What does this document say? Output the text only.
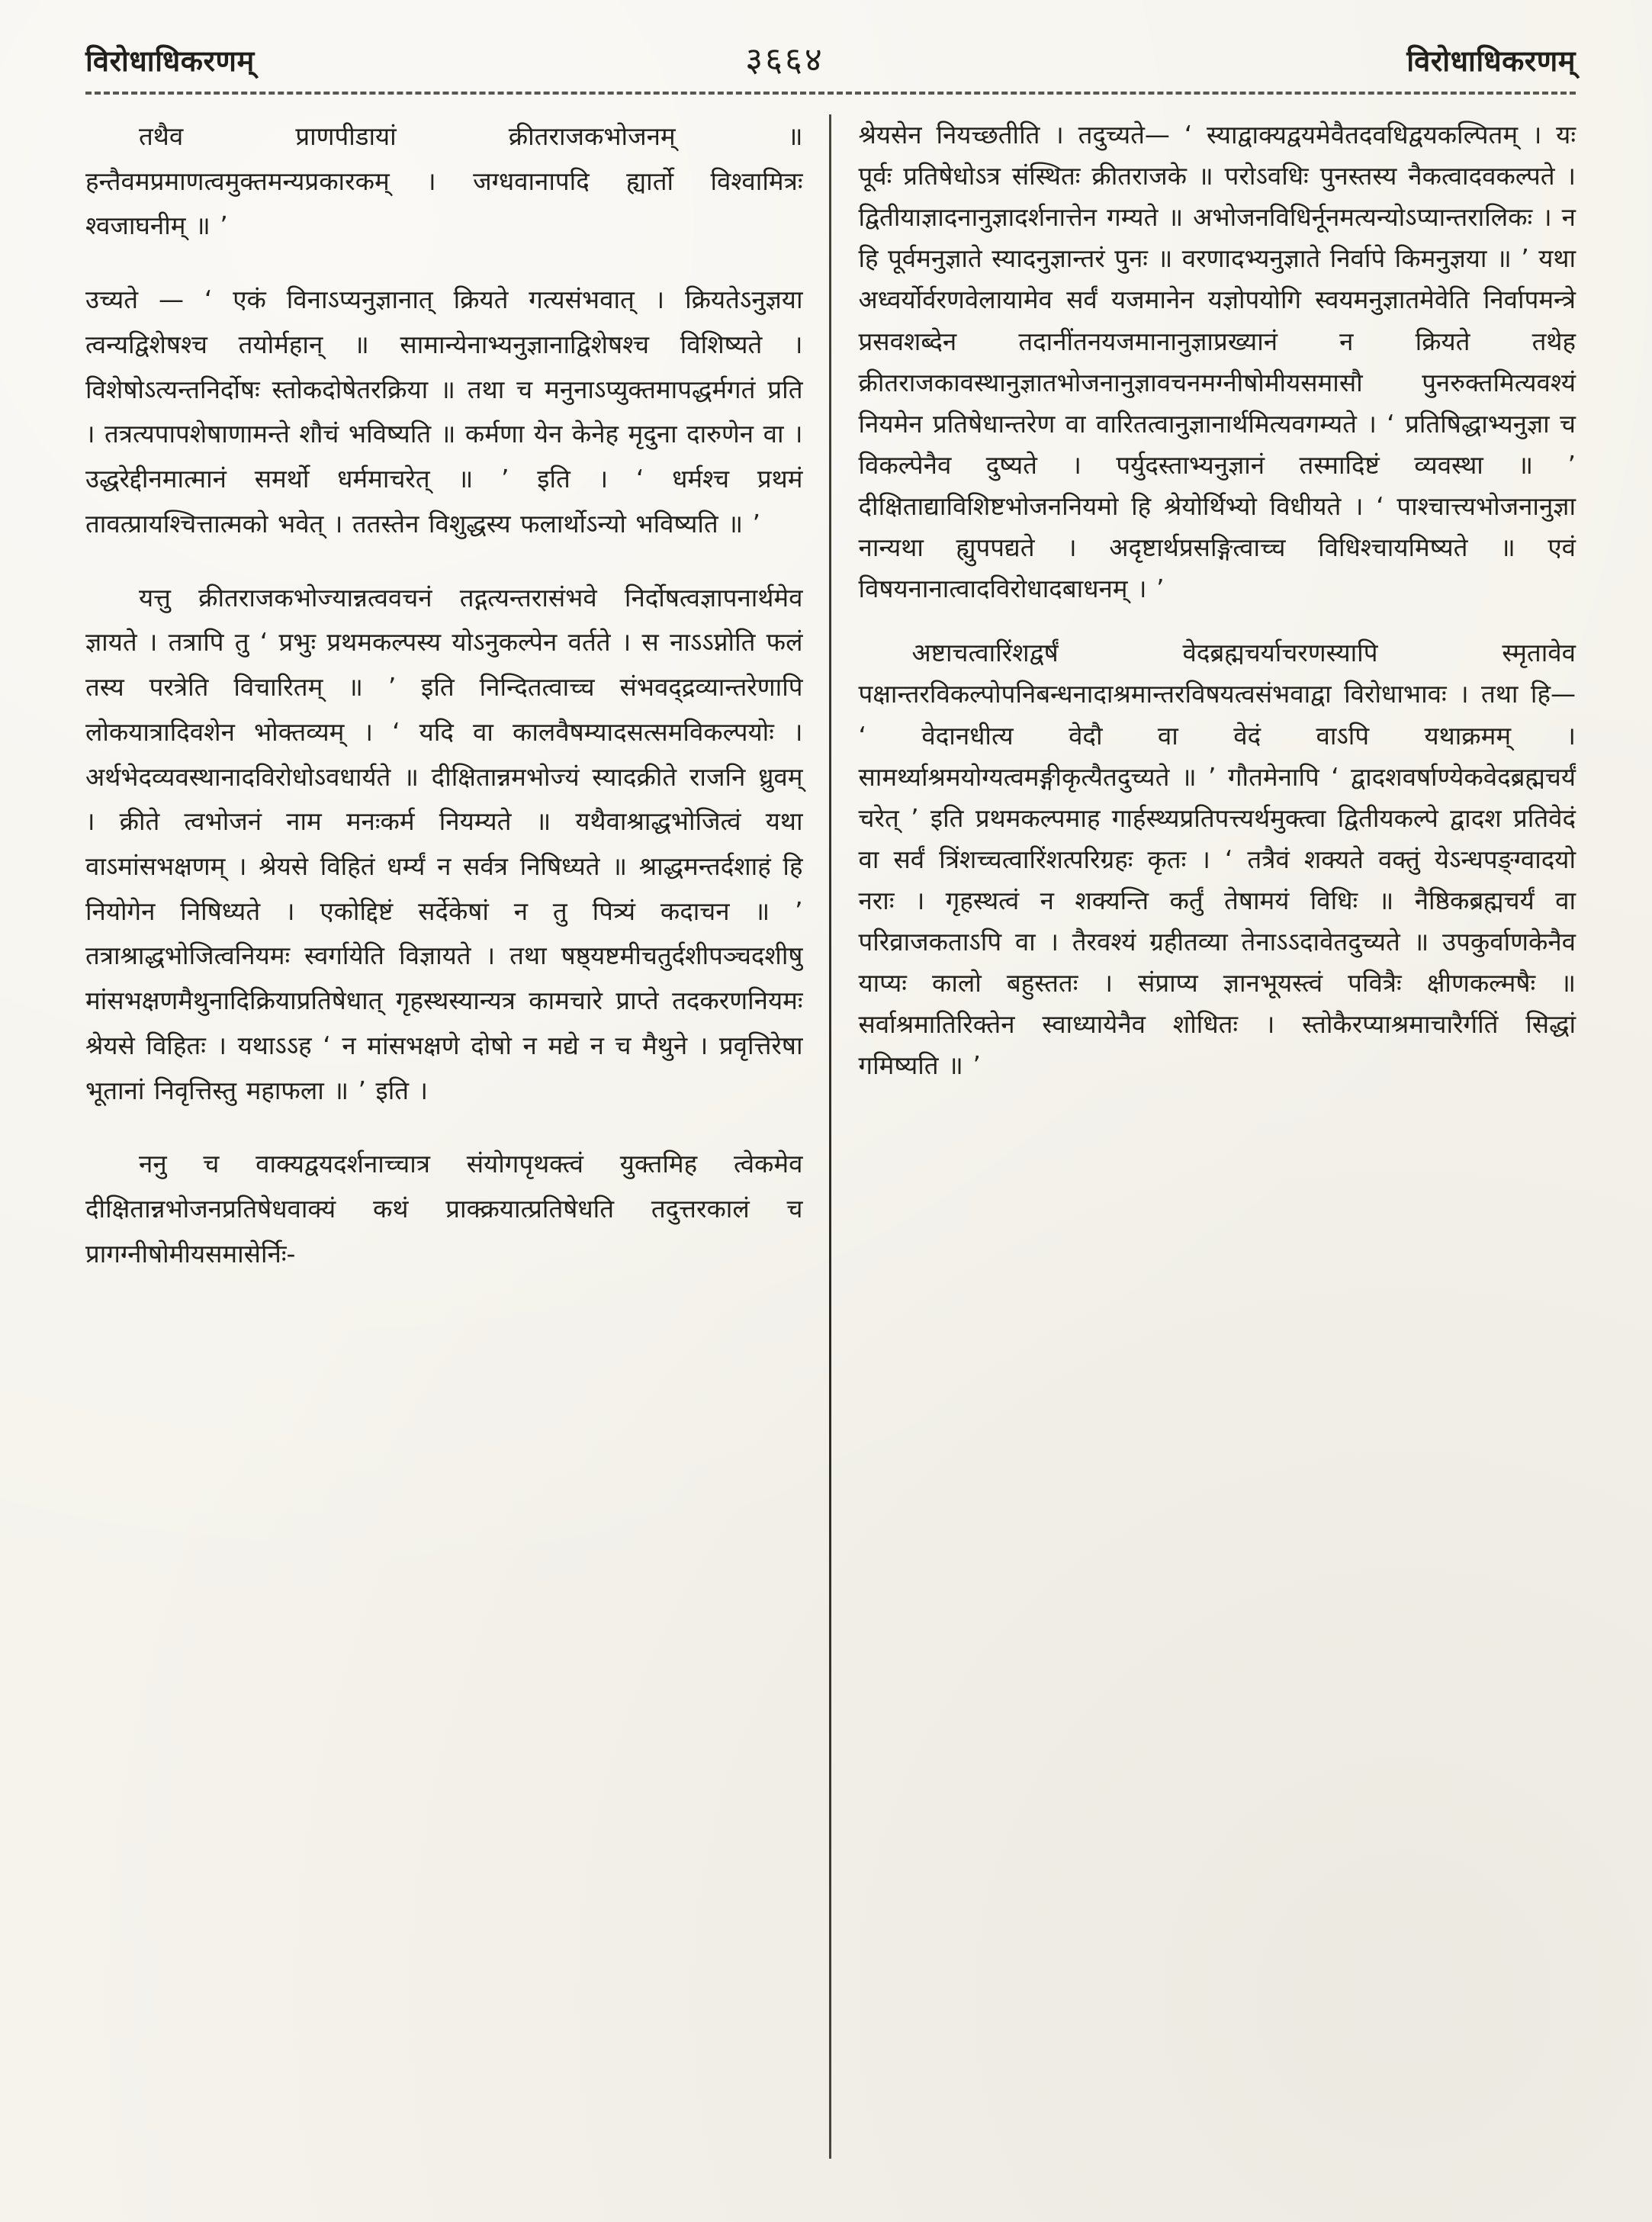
विरोधाधिकरणम्	३६६४	विरोधाधिकरणम्

तथैव प्राणपीडायां क्रीतराजकभोजनम् ॥ हन्तैवमप्रमाणत्वमुक्तमन्यप्रकारकम् । जग्धवानापदि ह्यार्तो विश्वामित्रः श्वजाघनीम् ॥ ’

उच्यते — ‘ एकं विनाऽप्यनुज्ञानात् क्रियते गत्यसंभवात् । क्रियतेऽनुज्ञया त्वन्यद्विशेषश्च तयोर्महान् ॥ सामान्येनाभ्यनुज्ञानाद्विशेषश्च विशिष्यते । विशेषोऽत्यन्तनिर्दोषः स्तोकदोषेतरक्रिया ॥ तथा च मनुनाऽप्युक्तमापद्धर्मगतं प्रति । तत्रत्यपापशेषाणामन्ते शौचं भविष्यति ॥ कर्मणा येन केनेह मृदुना दारुणेन वा । उद्धरेद्दीनमात्मानं समर्थो धर्ममाचरेत् ॥ ’ इति । ‘ धर्मश्च प्रथमं तावत्प्रायश्चित्तात्मको भवेत् । ततस्तेन विशुद्धस्य फलार्थोऽन्यो भविष्यति ॥ ’

यत्तु क्रीतराजकभोज्यान्नत्ववचनं तद्गत्यन्तरासंभवे निर्दोषत्वज्ञापनार्थमेव ज्ञायते । तत्रापि तु ‘ प्रभुः प्रथमकल्पस्य योऽनुकल्पेन वर्तते । स नाऽऽप्नोति फलं तस्य परत्रेति विचारितम् ॥ ’ इति निन्दितत्वाच्च संभवद्द्रव्यान्तरेणापि लोकयात्रादिवशेन भोक्तव्यम् । ‘ यदि वा कालवैषम्यादसत्समविकल्पयोः । अर्थभेदव्यवस्थानादविरोधोऽवधार्यते ॥ दीक्षितान्नमभोज्यं स्यादक्रीते राजनि ध्रुवम् । क्रीते त्वभोजनं नाम मनःकर्म नियम्यते ॥ यथैवाश्राद्धभोजित्वं यथा वाऽमांसभक्षणम् । श्रेयसे विहितं धर्म्यं न सर्वत्र निषिध्यते ॥ श्राद्धमन्तर्दशाहं हि नियोगेन निषिध्यते । एकोद्दिष्टं सर्देकेषां न तु पित्र्यं कदाचन ॥ ’ तत्राश्राद्धभोजित्वनियमः स्वर्गायेति विज्ञायते । तथा षष्ठ्यष्टमीचतुर्दशीपञ्चदशीषु मांसभक्षणमैथुनादिक्रियाप्रतिषेधात् गृहस्थस्यान्यत्र कामचारे प्राप्ते तदकरणनियमः श्रेयसे विहितः । यथाऽऽह ‘ न मांसभक्षणे दोषो न मद्ये न च मैथुने । प्रवृत्तिरेषा भूतानां निवृत्तिस्तु महाफला ॥ ’ इति ।

ननु च वाक्यद्वयदर्शनाच्चात्र संयोगपृथक्त्वं युक्तमिह त्वेकमेव दीक्षितान्नभोजनप्रतिषेधवाक्यं कथं प्राक्क्रयात्प्रतिषेधति तदुत्तरकालं च प्रागग्नीषोमीयसमासेर्निः-

श्रेयसेन नियच्छतीति । तदुच्यते— ‘ स्याद्वाक्यद्वयमेवैतदवधिद्वयकल्पितम् । यः पूर्वः प्रतिषेधोऽत्र संस्थितः क्रीतराजके ॥ परोऽवधिः पुनस्तस्य नैकत्वादवकल्पते । द्वितीयाज्ञादनानुज्ञादर्शनात्तेन गम्यते ॥ अभोजनविधिर्नूनमत्यन्योऽप्यान्तरालिकः । न हि पूर्वमनुज्ञाते स्यादनुज्ञान्तरं पुनः ॥ वरणादभ्यनुज्ञाते निर्वापे किमनुज्ञया ॥ ’ यथा अध्वर्योर्वरणवेलायामेव सर्वं यजमानेन यज्ञोपयोगि स्वयमनुज्ञातमेवेति निर्वापमन्त्रे प्रसवशब्देन तदानींतनयजमानानुज्ञाप्रख्यानं न क्रियते तथेह क्रीतराजकावस्थानुज्ञातभोजनानुज्ञावचनमग्नीषोमीयसमासौ पुनरुक्तमित्यवश्यं नियमेन प्रतिषेधान्तरेण वा वारितत्वानुज्ञानार्थमित्यवगम्यते । ‘ प्रतिषिद्धाभ्यनुज्ञा च विकल्पेनैव दुष्यते । पर्युदस्ताभ्यनुज्ञानं तस्मादिष्टं व्यवस्था ॥ ’ दीक्षिताद्याविशिष्टभोजननियमो हि श्रेयोर्थिभ्यो विधीयते । ‘ पाश्चात्त्यभोजनानुज्ञा नान्यथा ह्युपपद्यते । अदृष्टार्थप्रसङ्गित्वाच्च विधिश्चायमिष्यते ॥ एवं विषयनानात्वादविरोधादबाधनम् । ’

अष्टाचत्वारिंशद्वर्षं वेदब्रह्मचर्याचरणस्यापि स्मृतावेव पक्षान्तरविकल्पोपनिबन्धनादाश्रमान्तरविषयत्वसंभवाद्वा विरोधाभावः । तथा हि— ‘ वेदानधीत्य वेदौ वा वेदं वाऽपि यथाक्रमम् । सामर्थ्याश्रमयोग्यत्वमङ्गीकृत्यैतदुच्यते ॥ ’ गौतमेनापि ‘ द्वादशवर्षाण्येकवेदब्रह्मचर्यं चरेत् ’ इति प्रथमकल्पमाह गार्हस्थ्यप्रतिपत्त्यर्थमुक्त्वा द्वितीयकल्पे द्वादश प्रतिवेदं वा सर्वं त्रिंशच्चत्वारिंशत्परिग्रहः कृतः । ‘ तत्रैवं शक्यते वक्तुं येऽन्धपङ्ग्वादयो नराः । गृहस्थत्वं न शक्यन्ति कर्तुं तेषामयं विधिः ॥ नैष्ठिकब्रह्मचर्यं वा परिव्राजकताऽपि वा । तैरवश्यं ग्रहीतव्या तेनाऽऽदावेतदुच्यते ॥ उपकुर्वाणकेनैव याप्यः कालो बहुस्ततः । संप्राप्य ज्ञानभूयस्त्वं पवित्रैः क्षीणकल्मषैः ॥ सर्वाश्रमातिरिक्तेन स्वाध्यायेनैव शोधितः । स्तोकैरप्याश्रमाचारैर्गतिं सिद्धां गमिष्यति ॥ ’
